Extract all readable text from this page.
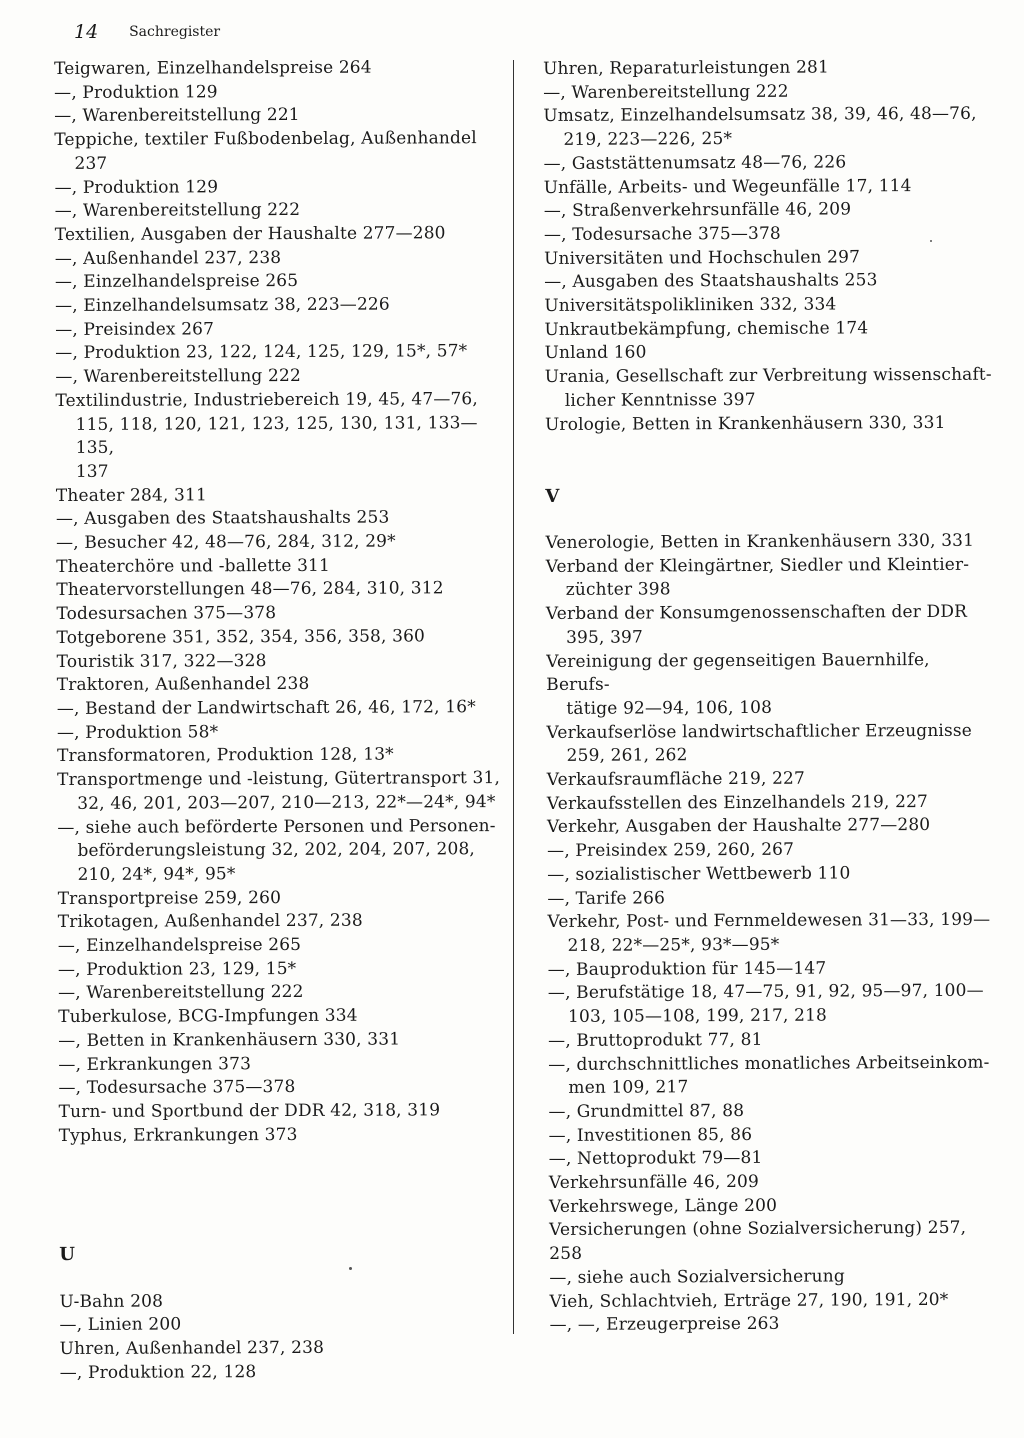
14 Sachregister
Teigwaren, Einzelhandelspreise 264
—, Produktion 129
—, Warenbereitstellung 221
Teppiche, textiler Fußbodenbelag, Außenhandel
237
—, Produktion 129
—, Warenbereitstellung 222
Textilien, Ausgaben der Haushalte 277—280
—, Außenhandel 237, 238
—, Einzelhandelspreise 265
—, Einzelhandelsumsatz 38, 223—226
—, Preisindex 267
—, Produktion 23, 122, 124, 125, 129, 15*, 57*
—, Warenbereitstellung 222
Textilindustrie, Industriebereich 19, 45, 47—76,
115, 118, 120, 121, 123, 125, 130, 131, 133—135,
137
Theater 284, 311
—, Ausgaben des Staatshaushalts 253
—, Besucher 42, 48—76, 284, 312, 29*
Theaterchöre und -ballette 311
Theatervorstellungen 48—76, 284, 310, 312
Todesursachen 375—378
Totgeborene 351, 352, 354, 356, 358, 360
Touristik 317, 322—328
Traktoren, Außenhandel 238
—, Bestand der Landwirtschaft 26, 46, 172, 16*
—, Produktion 58*
Transformatoren, Produktion 128, 13*
Transportmenge und -leistung, Gütertransport 31,
32, 46, 201, 203—207, 210—213, 22*—24*, 94*
—, siehe auch beförderte Personen und Personen-
beförderungsleistung 32, 202, 204, 207, 208,
210, 24*, 94*, 95*
Transportpreise 259, 260
Trikotagen, Außenhandel 237, 238
—, Einzelhandelspreise 265
—, Produktion 23, 129, 15*
—, Warenbereitstellung 222
Tuberkulose, BCG-Impfungen 334
—, Betten in Krankenhäusern 330, 331
—, Erkrankungen 373
—, Todesursache 375—378
Turn- und Sportbund der DDR 42, 318, 319
Typhus, Erkrankungen 373
U
U-Bahn 208
—, Linien 200
Uhren, Außenhandel 237, 238
—, Produktion 22, 128
Uhren, Reparaturleistungen 281
—, Warenbereitstellung 222
Umsatz, Einzelhandelsumsatz 38, 39, 46, 48—76,
219, 223—226, 25*
—, Gaststättenumsatz 48—76, 226
Unfälle, Arbeits- und Wegeunfälle 17, 114
—, Straßenverkehrsunfälle 46, 209
—, Todesursache 375—378
Universitäten und Hochschulen 297
—, Ausgaben des Staatshaushalts 253
Universitätspolikliniken 332, 334
Unkrautbekämpfung, chemische 174
Unland 160
Urania, Gesellschaft zur Verbreitung wissenschaft-
licher Kenntnisse 397
Urologie, Betten in Krankenhäusern 330, 331
V
Venerologie, Betten in Krankenhäusern 330, 331
Verband der Kleingärtner, Siedler und Kleintier-
züchter 398
Verband der Konsumgenossenschaften der DDR
395, 397
Vereinigung der gegenseitigen Bauernhilfe, Berufs-
tätige 92—94, 106, 108
Verkaufserlöse landwirtschaftlicher Erzeugnisse
259, 261, 262
Verkaufsraumfläche 219, 227
Verkaufsstellen des Einzelhandels 219, 227
Verkehr, Ausgaben der Haushalte 277—280
—, Preisindex 259, 260, 267
—, sozialistischer Wettbewerb 110
—, Tarife 266
Verkehr, Post- und Fernmeldewesen 31—33, 199—
218, 22*—25*, 93*—95*
—, Bauproduktion für 145—147
—, Berufstätige 18, 47—75, 91, 92, 95—97, 100—
103, 105—108, 199, 217, 218
—, Bruttoprodukt 77, 81
—, durchschnittliches monatliches Arbeitseinkom-
men 109, 217
—, Grundmittel 87, 88
—, Investitionen 85, 86
—, Nettoprodukt 79—81
Verkehrsunfälle 46, 209
Verkehrswege, Länge 200
Versicherungen (ohne Sozialversicherung) 257, 258
—, siehe auch Sozialversicherung
Vieh, Schlachtvieh, Erträge 27, 190, 191, 20*
—, —, Erzeugerpreise 263
